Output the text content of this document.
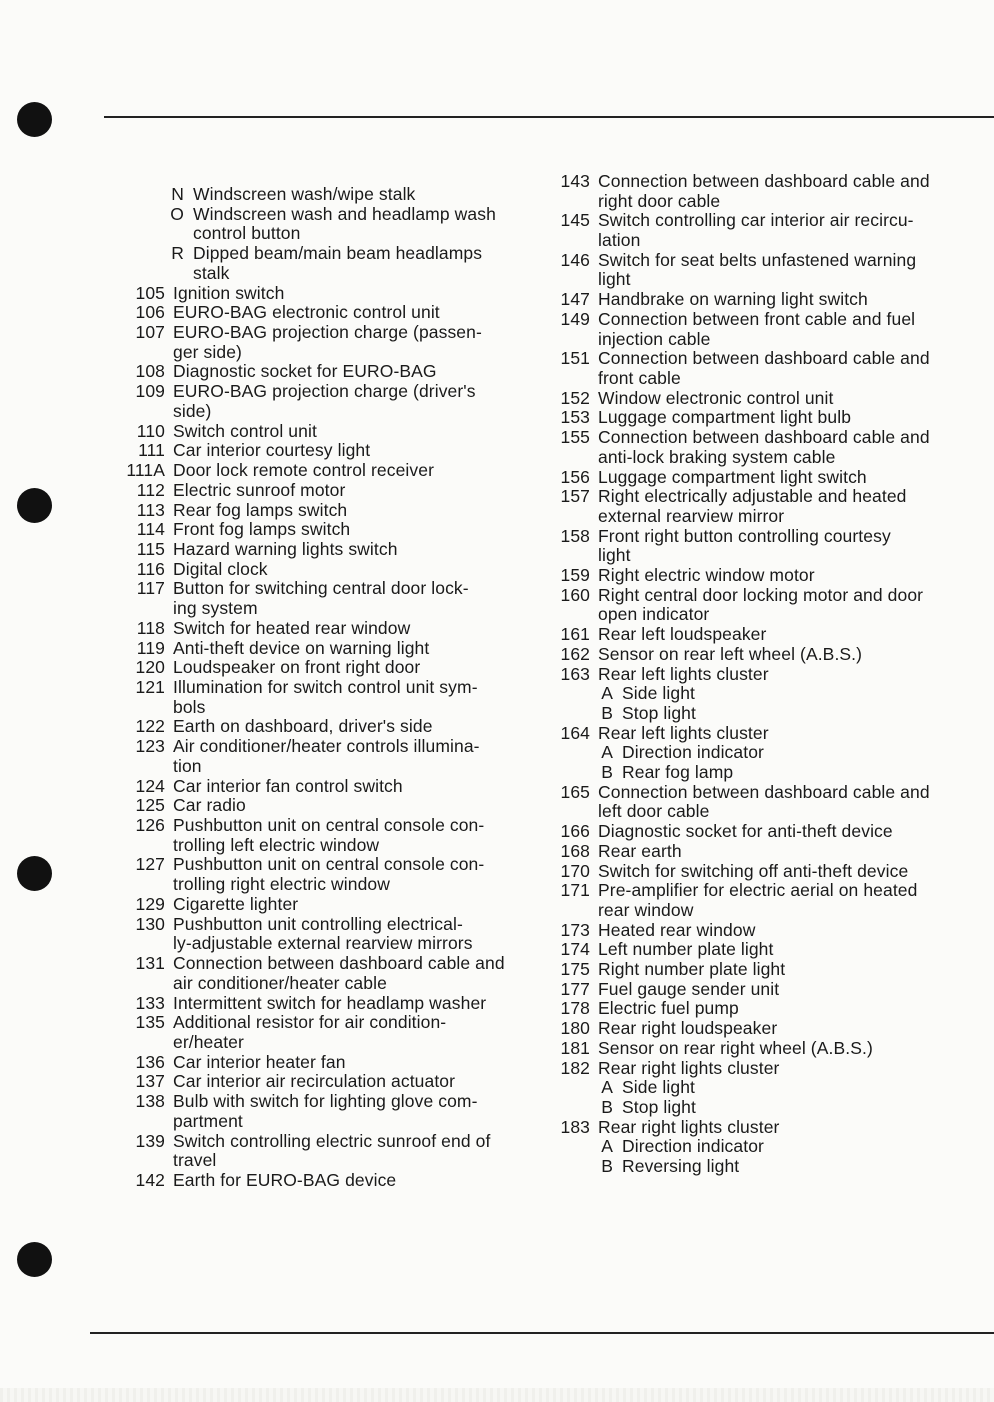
N Windscreen wash/wipe stalk
O Windscreen wash and headlamp wash
control button
R Dipped beam/main beam headlamps
stalk
105 Ignition switch
106 EURO-BAG electronic control unit
107 EURO-BAG projection charge (passen-
ger side)
108 Diagnostic socket for EURO-BAG
109 EURO-BAG projection charge (driver's
side)
110 Switch control unit
111 Car interior courtesy light
111A Door lock remote control receiver
112 Electric sunroof motor
113 Rear fog lamps switch
114 Front fog lamps switch
115 Hazard warning lights switch
116 Digital clock
117 Button for switching central door lock-
ing system
118 Switch for heated rear window
119 Anti-theft device on warning light
120 Loudspeaker on front right door
121 Illumination for switch control unit sym-
bols
122 Earth on dashboard, driver's side
123 Air conditioner/heater controls illumina-
tion
124 Car interior fan control switch
125 Car radio
126 Pushbutton unit on central console con-
trolling left electric window
127 Pushbutton unit on central console con-
trolling right electric window
129 Cigarette lighter
130 Pushbutton unit controlling electrical-
ly-adjustable external rearview mirrors
131 Connection between dashboard cable and
air conditioner/heater cable
133 Intermittent switch for headlamp washer
135 Additional resistor for air condition-
er/heater
136 Car interior heater fan
137 Car interior air recirculation actuator
138 Bulb with switch for lighting glove com-
partment
139 Switch controlling electric sunroof end of
travel
142 Earth for EURO-BAG device
143 Connection between dashboard cable and
right door cable
145 Switch controlling car interior air recircu-
lation
146 Switch for seat belts unfastened warning
light
147 Handbrake on warning light switch
149 Connection between front cable and fuel
injection cable
151 Connection between dashboard cable and
front cable
152 Window electronic control unit
153 Luggage compartment light bulb
155 Connection between dashboard cable and
anti-lock braking system cable
156 Luggage compartment light switch
157 Right electrically adjustable and heated
external rearview mirror
158 Front right button controlling courtesy
light
159 Right electric window motor
160 Right central door locking motor and door
open indicator
161 Rear left loudspeaker
162 Sensor on rear left wheel (A.B.S.)
163 Rear left lights cluster
A Side light
B Stop light
164 Rear left lights cluster
A Direction indicator
B Rear fog lamp
165 Connection between dashboard cable and
left door cable
166 Diagnostic socket for anti-theft device
168 Rear earth
170 Switch for switching off anti-theft device
171 Pre-amplifier for electric aerial on heated
rear window
173 Heated rear window
174 Left number plate light
175 Right number plate light
177 Fuel gauge sender unit
178 Electric fuel pump
180 Rear right loudspeaker
181 Sensor on rear right wheel (A.B.S.)
182 Rear right lights cluster
A Side light
B Stop light
183 Rear right lights cluster
A Direction indicator
B Reversing light
